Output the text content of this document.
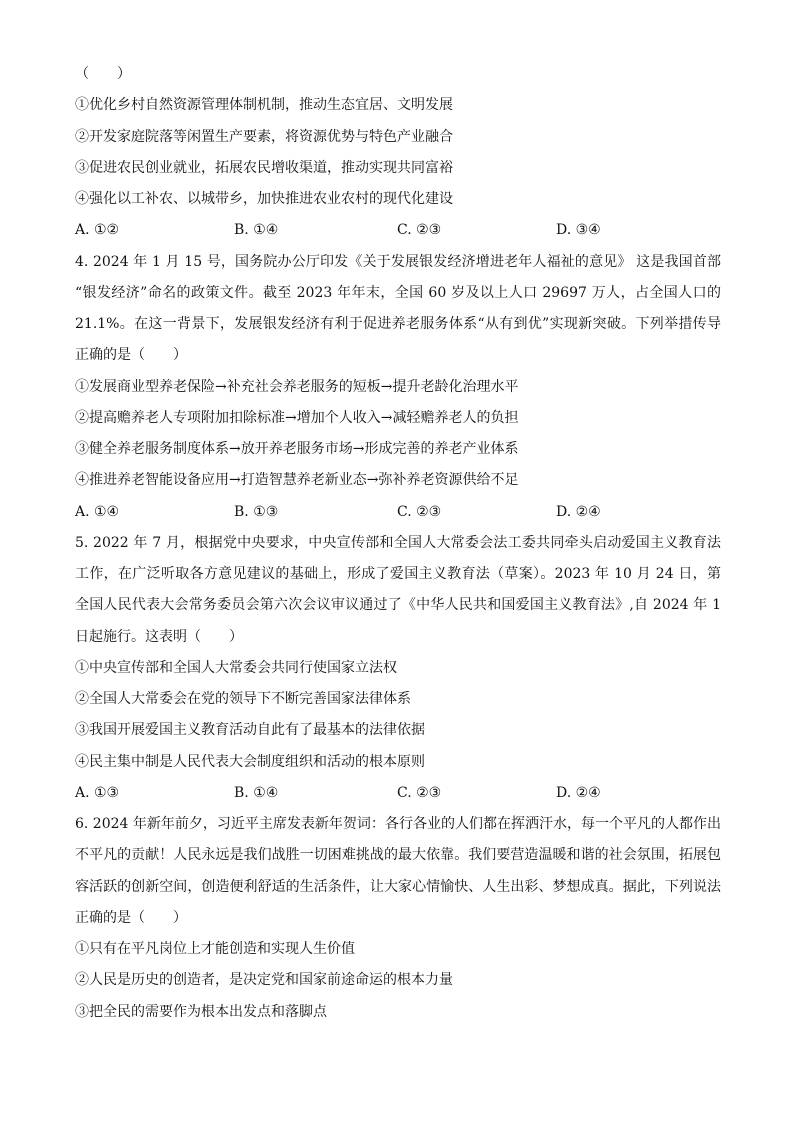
（　　）
①优化乡村自然资源管理体制机制，推动生态宜居、文明发展
②开发家庭院落等闲置生产要素，将资源优势与特色产业融合
③促进农民创业就业，拓展农民增收渠道，推动实现共同富裕
④强化以工补农、以城带乡，加快推进农业农村的现代化建设
A. ①②	B. ①④	C. ②③	D. ③④
4. 2024 年 1 月 15 号，国务院办公厅印发《关于发展银发经济增进老年人福祉的意见》 这是我国首部
“银发经济”命名的政策文件。截至 2023 年年末，全国 60 岁及以上人口 29697 万人，占全国人口的
21.1%。在这一背景下，发展银发经济有利于促进养老服务体系“从有到优”实现新突破。下列举措传导
正确的是（　　）
①发展商业型养老保险→补充社会养老服务的短板→提升老龄化治理水平
②提高赡养老人专项附加扣除标准→增加个人收入→减轻赡养老人的负担
③健全养老服务制度体系→放开养老服务市场→形成完善的养老产业体系
④推进养老智能设备应用→打造智慧养老新业态→弥补养老资源供给不足
A. ①④	B. ①③	C. ②③	D. ②④
5. 2022 年 7 月，根据党中央要求，中央宣传部和全国人大常委会法工委共同牵头启动爱国主义教育法
工作，在广泛听取各方意见建议的基础上，形成了爱国主义教育法（草案）。2023 年 10 月 24 日，第
全国人民代表大会常务委员会第六次会议审议通过了《中华人民共和国爱国主义教育法》,自 2024 年 1
日起施行。这表明（　　）
①中央宣传部和全国人大常委会共同行使国家立法权
②全国人大常委会在党的领导下不断完善国家法律体系
③我国开展爱国主义教育活动自此有了最基本的法律依据
④民主集中制是人民代表大会制度组织和活动的根本原则
A. ①③	B. ①④	C. ②③	D. ②④
6. 2024 年新年前夕，习近平主席发表新年贺词：各行各业的人们都在挥洒汗水，每一个平凡的人都作出
不平凡的贡献！人民永远是我们战胜一切困难挑战的最大依靠。我们要营造温暖和谐的社会氛围，拓展包
容活跃的创新空间，创造便利舒适的生活条件，让大家心情愉快、人生出彩、梦想成真。据此，下列说法
正确的是（　　）
①只有在平凡岗位上才能创造和实现人生价值
②人民是历史的创造者，是决定党和国家前途命运的根本力量
③把全民的需要作为根本出发点和落脚点
